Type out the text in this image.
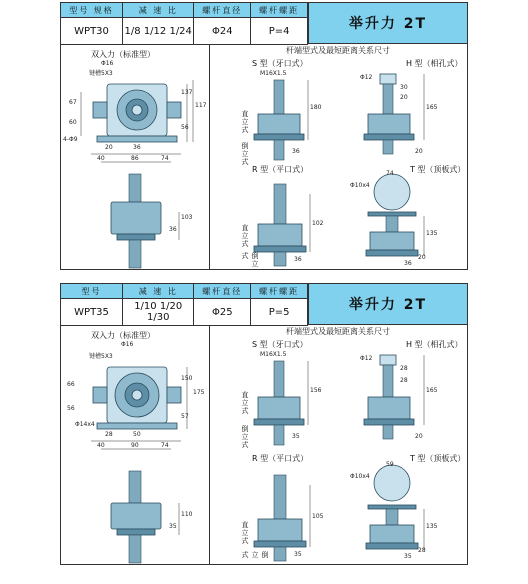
型号 规格	减 速 比	螺杆直径	螺杆螺距
WPT30	1/8 1/12 1/24	Φ24	P=4	举升力 2T
双入力（标准型）
Φ16
键槽5X3
67
60
117
137
56
4-Φ9
20	36
40	86	74
103
36
杆端型式及最短距离关系尺寸
S 型（牙口式）
M16X1.5
H 型（相孔式）
R 型（平口式）	T 型（顶板式）
直立式
倒立式
直立式
倒立式
180
36
Φ12
30
20
20
165
102
36
Φ10x4
74
135
20
36
型号	减 速 比	螺杆直径	螺杆螺距
WPT35	1/10 1/20 1/30	Φ25	P=5	举升力 2T
双入力（标准型）
Φ16
键槽5X3
66
56
175
150
57
Φ14x4
28	50
40	90	74
110
35
杆端型式及最短距离关系尺寸
S 型（牙口式）
M16X1.5
H 型（相孔式）
R 型（平口式）	T 型（顶板式）
直立式
倒立式
直立式
倒立式
156
35
Φ12
28
28
20
165
105
35
Φ10x4
59
135
28
35
